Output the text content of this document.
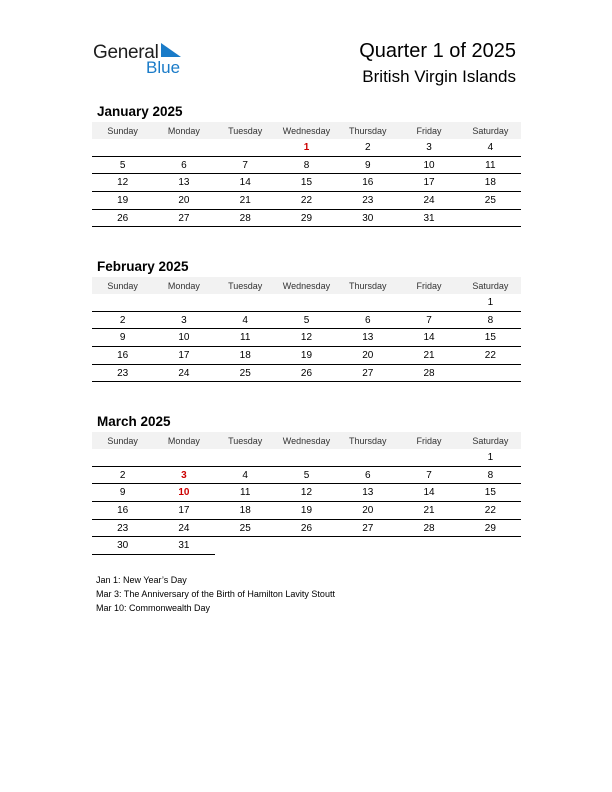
General
Blue
Quarter 1 of 2025
British Virgin Islands
January 2025
Sunday	Monday	Tuesday	Wednesday	Thursday	Friday	Saturday
			1	2	3	4
5	6	7	8	9	10	11
12	13	14	15	16	17	18
19	20	21	22	23	24	25
26	27	28	29	30	31	
February 2025
Sunday	Monday	Tuesday	Wednesday	Thursday	Friday	Saturday
						1
2	3	4	5	6	7	8
9	10	11	12	13	14	15
16	17	18	19	20	21	22
23	24	25	26	27	28	
March 2025
Sunday	Monday	Tuesday	Wednesday	Thursday	Friday	Saturday
						1
2	3	4	5	6	7	8
9	10	11	12	13	14	15
16	17	18	19	20	21	22
23	24	25	26	27	28	29
30	31					
Jan 1: New Year’s Day
Mar 3: The Anniversary of the Birth of Hamilton Lavity Stoutt
Mar 10: Commonwealth Day
